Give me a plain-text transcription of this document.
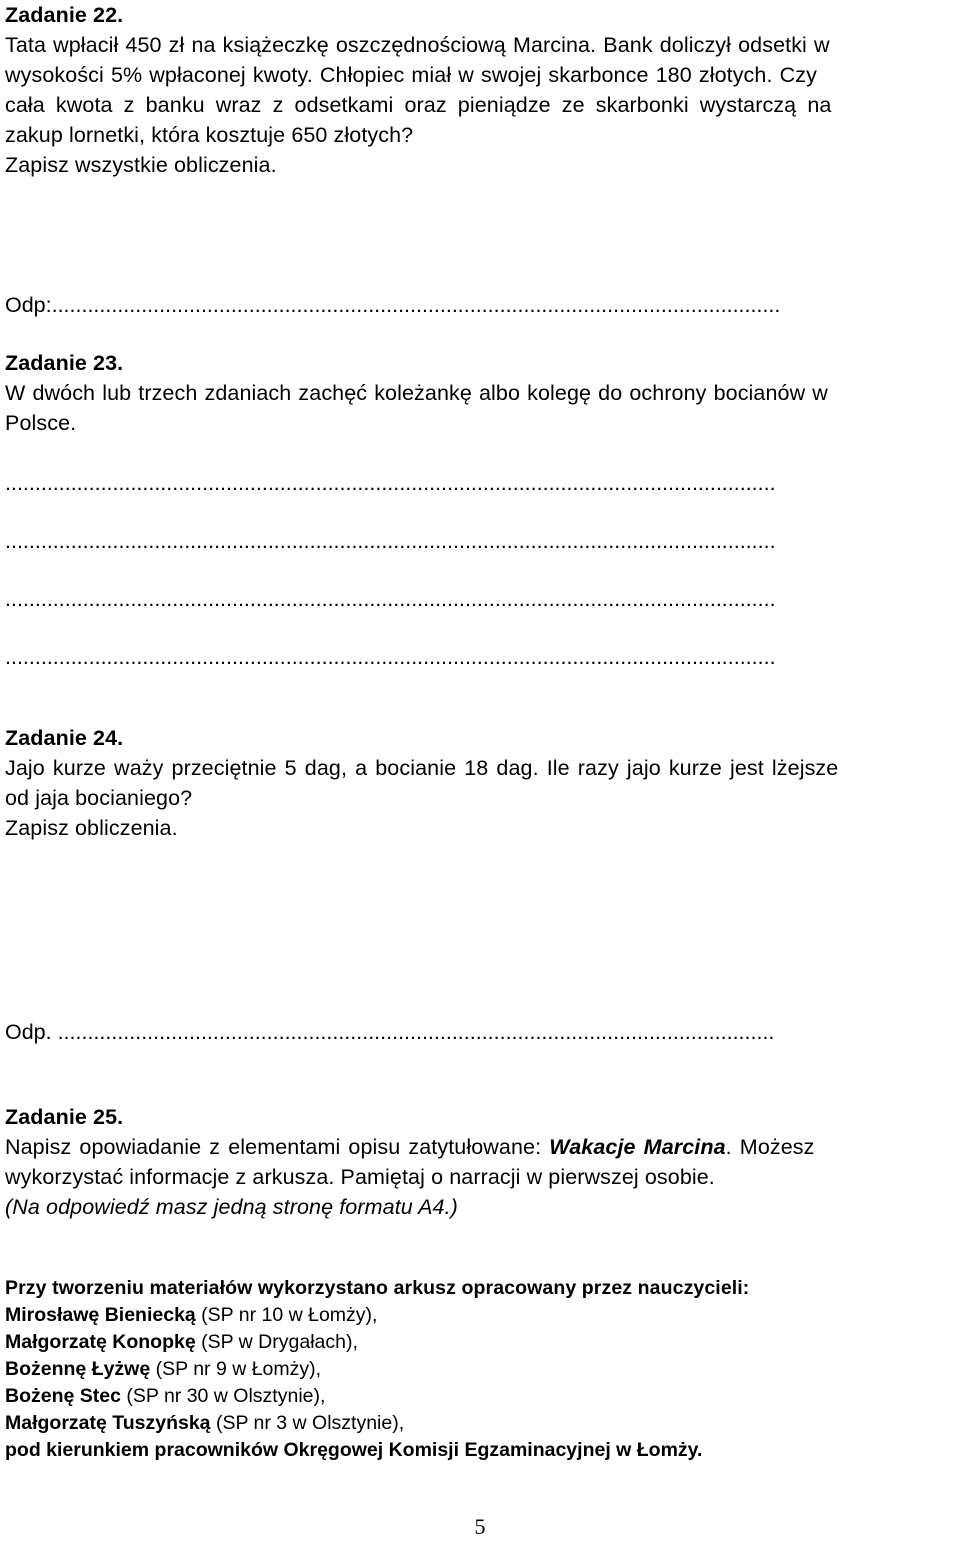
Zadanie 22.
Tata wpłacił 450 zł na książeczkę oszczędnościową Marcina. Bank doliczył odsetki w
wysokości 5% wpłaconej kwoty. Chłopiec miał w swojej skarbonce 180 złotych. Czy
cała kwota z banku wraz z odsetkami oraz pieniądze ze skarbonki wystarczą na
zakup lornetki, która kosztuje 650 złotych?
Zapisz wszystkie obliczenia.
Odp:..........................................................................................................................
Zadanie 23.
W dwóch lub trzech zdaniach zachęć koleżankę albo kolegę do ochrony bocianów w
Polsce.
.................................................................................................................................
.................................................................................................................................
.................................................................................................................................
.................................................................................................................................
Zadanie 24.
Jajo kurze waży przeciętnie 5 dag, a bocianie 18 dag. Ile razy jajo kurze jest lżejsze
od jaja bocianiego?
Zapisz obliczenia.
Odp. ........................................................................................................................
Zadanie 25.
Napisz opowiadanie z elementami opisu zatytułowane: Wakacje Marcina. Możesz
wykorzystać informacje z arkusza. Pamiętaj o narracji w pierwszej osobie.
(Na odpowiedź masz jedną stronę formatu A4.)
Przy tworzeniu materiałów wykorzystano arkusz opracowany przez nauczycieli:
Mirosławę Bieniecką (SP nr 10 w Łomży),
Małgorzatę Konopkę (SP w Drygałach),
Bożennę Łyżwę (SP nr 9 w Łomży),
Bożenę Stec (SP nr 30 w Olsztynie),
Małgorzatę Tuszyńską (SP nr 3 w Olsztynie),
pod kierunkiem pracowników Okręgowej Komisji Egzaminacyjnej w Łomży.
5
